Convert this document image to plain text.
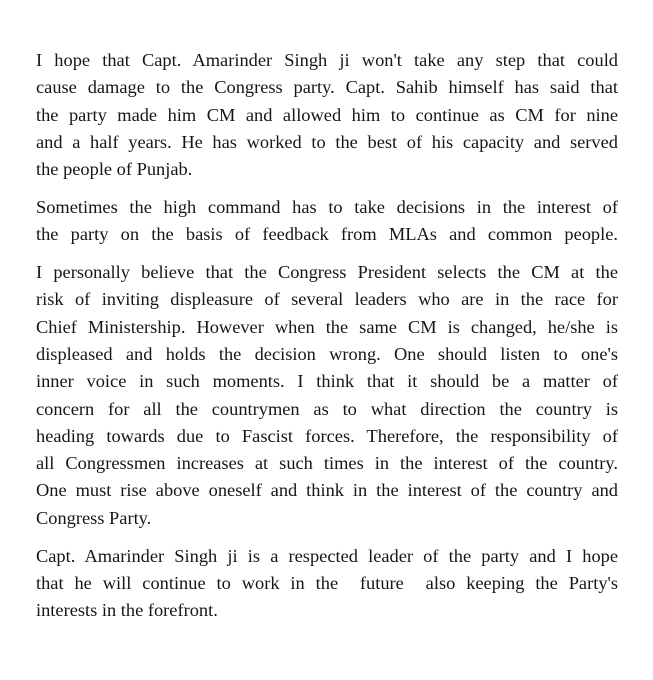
I hope that Capt. Amarinder Singh ji won't take any step that could
cause damage to the Congress party. Capt. Sahib himself has said that
the party made him CM and allowed him to continue as CM for nine
and a half years. He has worked to the best of his capacity and served
the people of Punjab.
Sometimes the high command has to take decisions in the interest of
the party on the basis of feedback from MLAs and common people.
I personally believe that the Congress President selects the CM at the
risk of inviting displeasure of several leaders who are in the race for
Chief Ministership. However when the same CM is changed, he/she is
displeased and holds the decision wrong. One should listen to one's
inner voice in such moments. I think that it should be a matter of
concern for all the countrymen as to what direction the country is
heading towards due to Fascist forces. Therefore, the responsibility of
all Congressmen increases at such times in the interest of the country.
One must rise above oneself and think in the interest of the country and
Congress Party.
Capt. Amarinder Singh ji is a respected leader of the party and I hope
that he will continue to work in the  future  also keeping the Party's
interests in the forefront.
